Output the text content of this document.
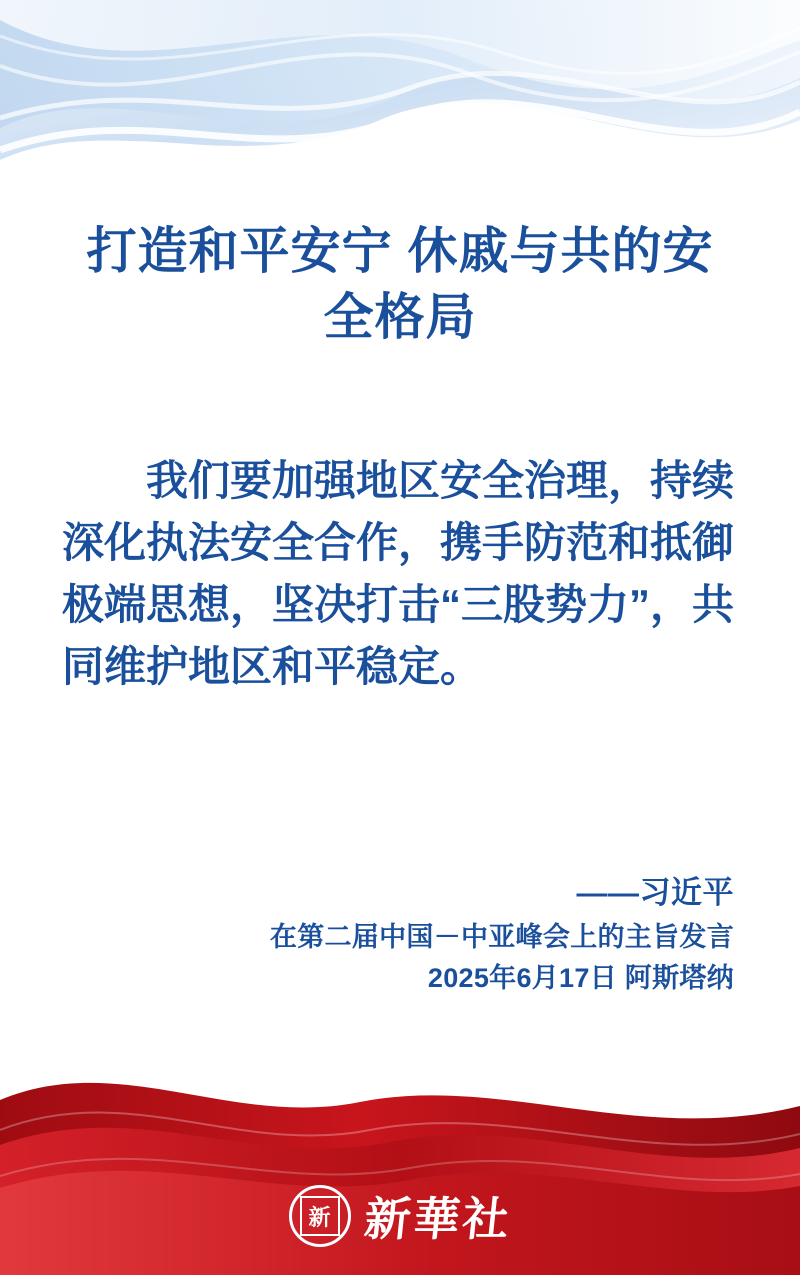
打造和平安宁 休戚与共的安全格局
我们要加强地区安全治理，持续深化执法安全合作，携手防范和抵御极端思想，坚决打击“三股势力”，共同维护地区和平稳定。
——习近平
在第二届中国－中亚峰会上的主旨发言
2025年6月17日 阿斯塔纳
新 新華社
